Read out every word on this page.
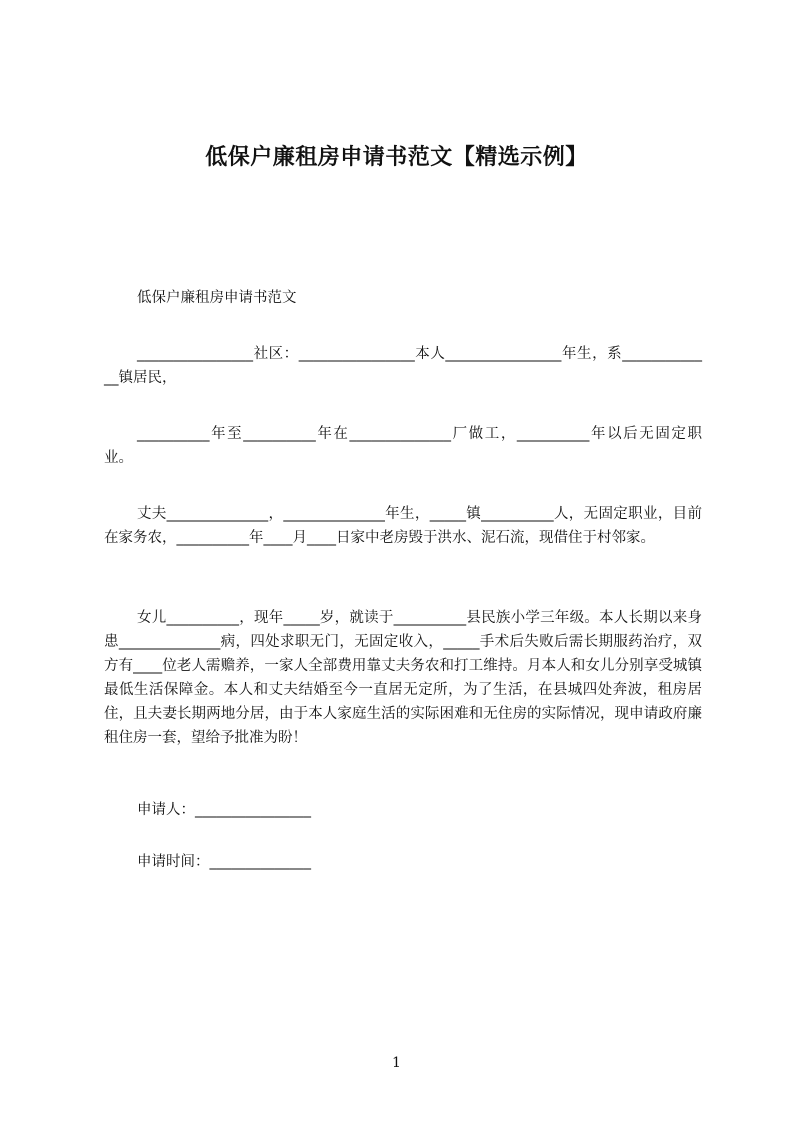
低保户廉租房申请书范文【精选示例】
低保户廉租房申请书范文
________________社区：________________本人________________年生，系_____________镇居民，
__________年至__________年在______________厂做工，__________年以后无固定职业。
丈夫______________，______________年生，_____镇__________人，无固定职业，目前在家务农，__________年____月____日家中老房毁于洪水、泥石流，现借住于村邻家。
女儿__________，现年_____岁，就读于__________县民族小学三年级。本人长期以来身患______________病，四处求职无门，无固定收入，_____手术后失败后需长期服药治疗，双方有____位老人需赡养，一家人全部费用靠丈夫务农和打工维持。月本人和女儿分别享受城镇最低生活保障金。本人和丈夫结婚至今一直居无定所，为了生活，在县城四处奔波，租房居住，且夫妻长期两地分居，由于本人家庭生活的实际困难和无住房的实际情况，现申请政府廉租住房一套，望给予批准为盼！
申请人：________________
申请时间：______________
1
